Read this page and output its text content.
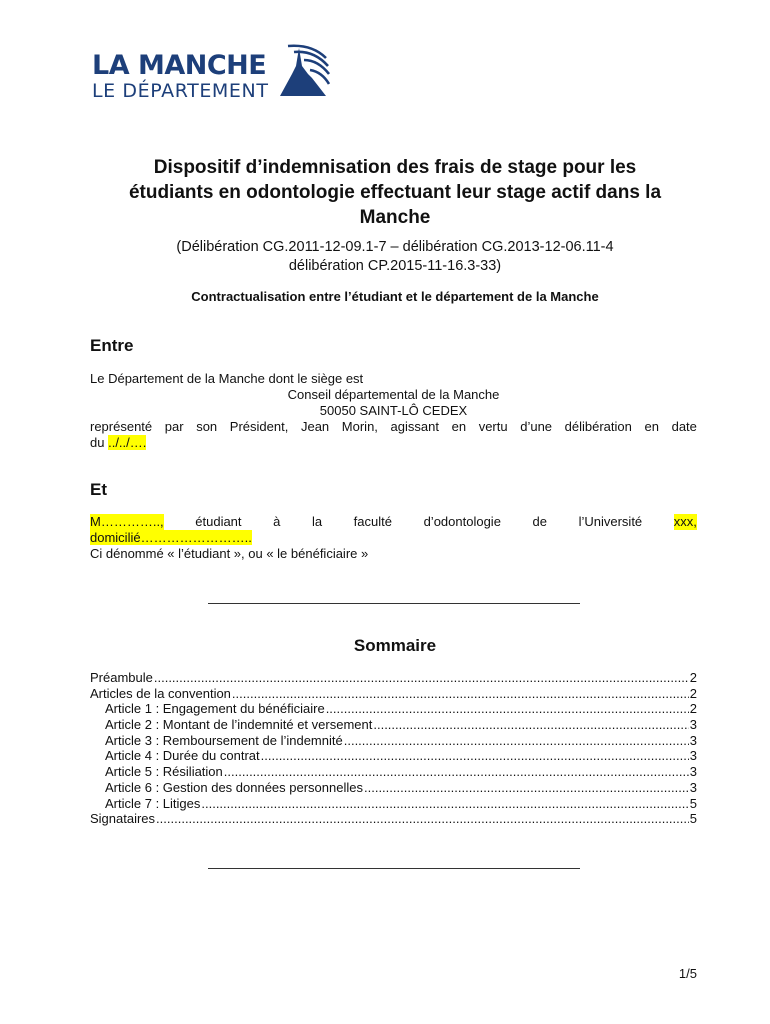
LA MANCHE
LE DÉPARTEMENT
Dispositif d’indemnisation des frais de stage pour les
étudiants en odontologie effectuant leur stage actif dans la
Manche
(Délibération CG.2011-12-09.1-7 – délibération CG.2013-12-06.11-4
délibération CP.2015-11-16.3-33)
Contractualisation entre l’étudiant et le département de la Manche
Entre
Le Département de la Manche dont le siège est
Conseil départemental de la Manche
50050 SAINT-LÔ CEDEX
représenté par son Président, Jean Morin, agissant en vertu d’une délibération en date
du ../../….
Et
M………….., étudiant à la faculté d’odontologie de l’Université xxx,
domicilié……………………..
Ci dénommé « l’étudiant », ou « le bénéficiaire »
Sommaire
Préambule .....	2
Articles de la convention .....	2
Article 1 : Engagement du bénéficiaire .....	2
Article 2 : Montant de l’indemnité et versement .....	3
Article 3 : Remboursement de l’indemnité .....	3
Article 4 : Durée du contrat .....	3
Article 5 : Résiliation .....	3
Article 6 : Gestion des données personnelles .....	3
Article 7 : Litiges .....	5
Signataires .....	5
1/5
